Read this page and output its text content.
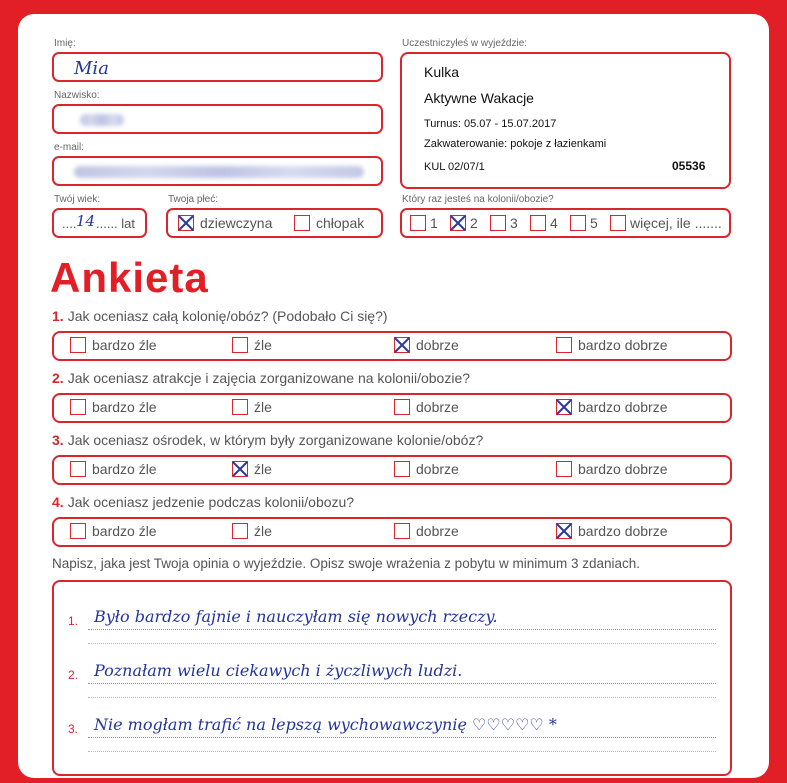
Imię:
Mia
Nazwisko:
e-mail:
Twój wiek:
.... 14 ...... lat
Twoja płeć:
dziewczyna	chłopak
Uczestniczyłeś w wyjeździe:
Kulka
Aktywne Wakacje
Turnus: 05.07 - 15.07.2017
Zakwaterowanie: pokoje z łazienkami
KUL 02/07/1	05536
Który raz jesteś na kolonii/obozie?
1 2 3 4 5 więcej, ile .......
Ankieta
1. Jak oceniasz całą kolonię/obóz? (Podobało Ci się?)
bardzo źle	źle	dobrze	bardzo dobrze
2. Jak oceniasz atrakcje i zajęcia zorganizowane na kolonii/obozie?
bardzo źle	źle	dobrze	bardzo dobrze
3. Jak oceniasz ośrodek, w którym były zorganizowane kolonie/obóz?
bardzo źle	źle	dobrze	bardzo dobrze
4. Jak oceniasz jedzenie podczas kolonii/obozu?
bardzo źle	źle	dobrze	bardzo dobrze
Napisz, jaka jest Twoja opinia o wyjeździe. Opisz swoje wrażenia z pobytu w minimum 3 zdaniach.
1. Było bardzo fajnie i nauczyłam się nowych rzeczy.
2. Poznałam wielu ciekawych i życzliwych ludzi.
3. Nie mogłam trafić na lepszą wychowawczynię ♡♡♡♡♡ *
